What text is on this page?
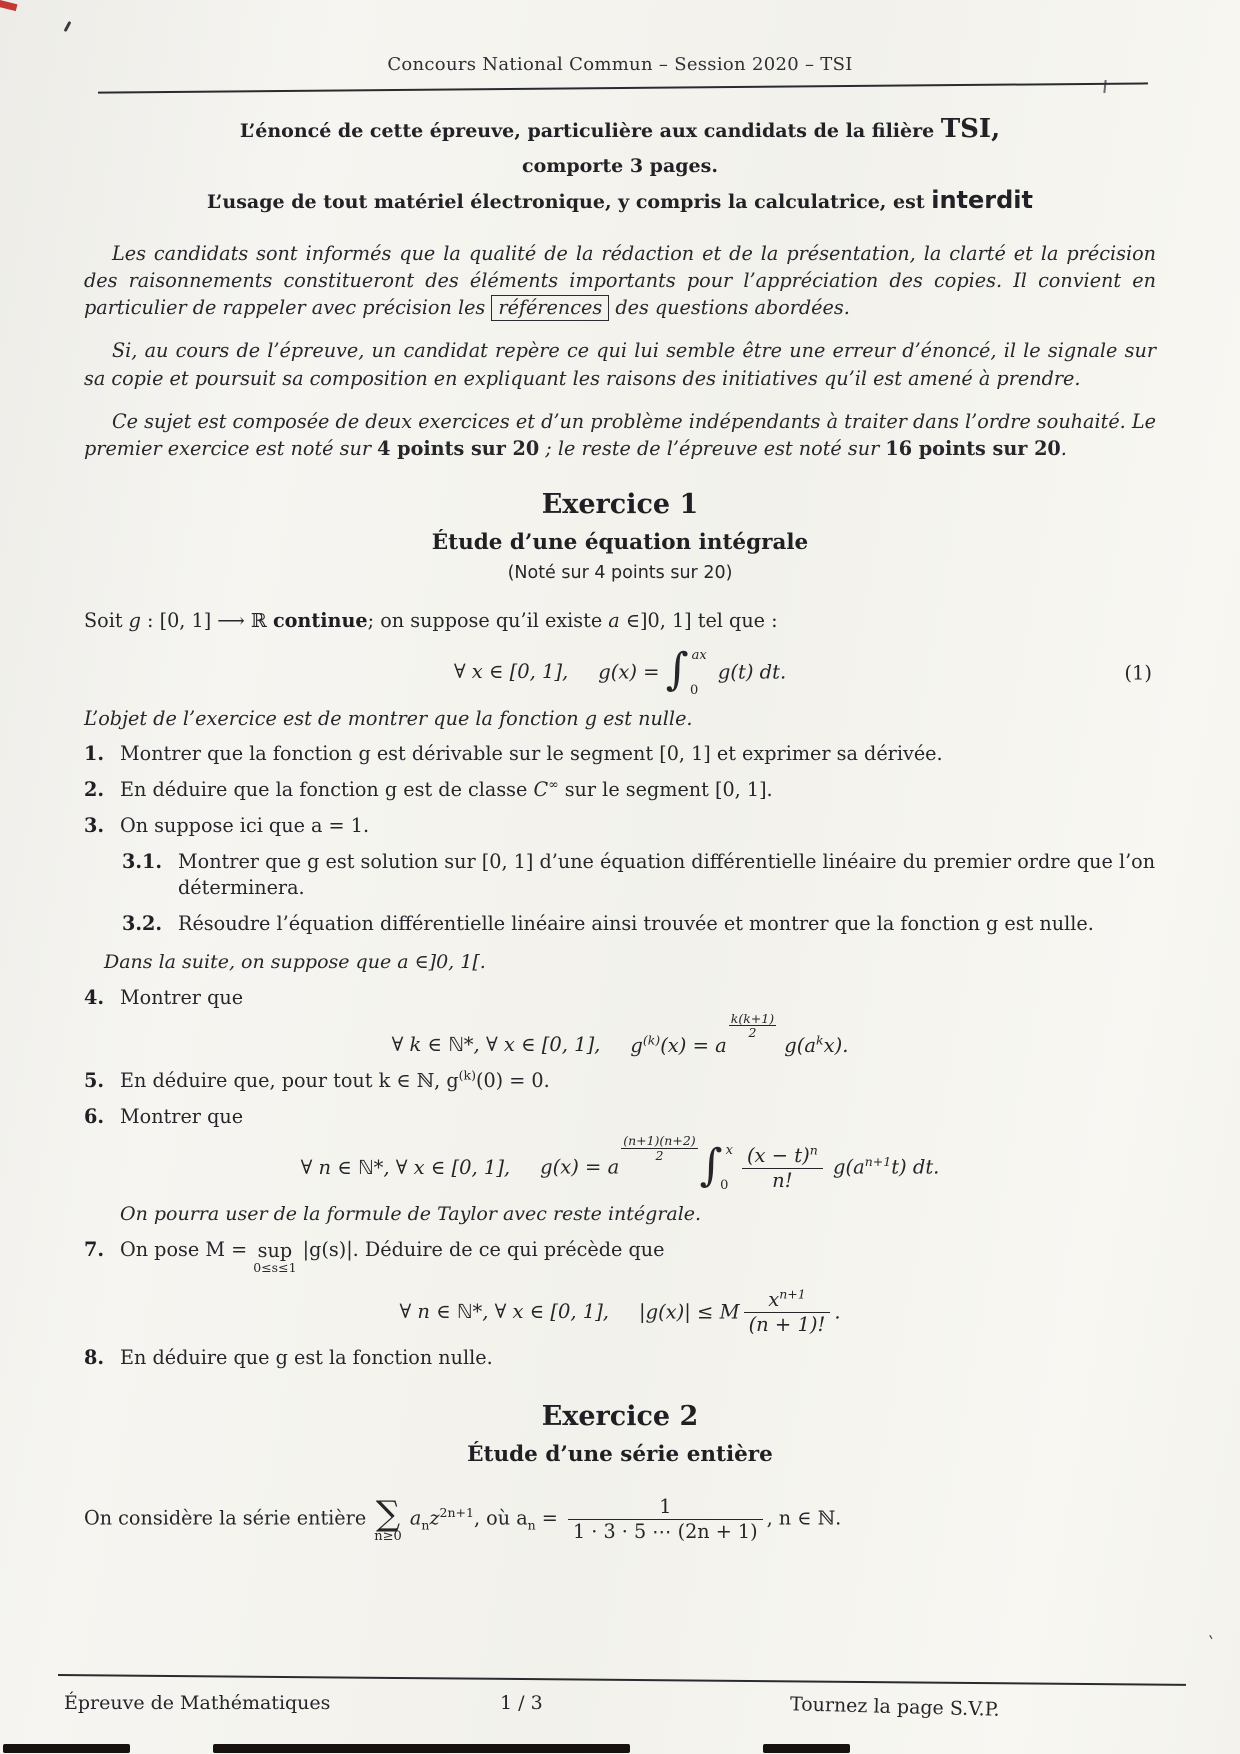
`
Concours National Commun – Session 2020 – TSI
L’énoncé de cette épreuve, particulière aux candidats de la filière TSI,
comporte 3 pages.
L’usage de tout matériel électronique, y compris la calculatrice, est interdit

Les candidats sont informés que la qualité de la rédaction et de la présentation, la clarté et la précision des raisonnements constitueront des éléments importants pour l’appréciation des copies. Il convient en particulier de rappeler avec précision les références des questions abordées.

Si, au cours de l’épreuve, un candidat repère ce qui lui semble être une erreur d’énoncé, il le signale sur sa copie et poursuit sa composition en expliquant les raisons des initiatives qu’il est amené à prendre.

Ce sujet est composée de deux exercices et d’un problème indépendants à traiter dans l’ordre souhaité. Le premier exercice est noté sur 4 points sur 20 ; le reste de l’épreuve est noté sur 16 points sur 20.

Exercice 1
Étude d’une équation intégrale
(Noté sur 4 points sur 20)

Soit g : [0, 1] ⟶ ℝ continue; on suppose qu’il existe a ∈]0, 1] tel que :

∀ x ∈ [0, 1], g(x) = ∫ ax
0
g(t) dt.	(1)

L’objet de l’exercice est de montrer que la fonction g est nulle.

1. Montrer que la fonction g est dérivable sur le segment [0, 1] et exprimer sa dérivée.
2. En déduire que la fonction g est de classe C∞ sur le segment [0, 1].
3. On suppose ici que a = 1.
3.1. Montrer que g est solution sur [0, 1] d’une équation différentielle linéaire du premier ordre que l’on déterminera.
3.2. Résoudre l’équation différentielle linéaire ainsi trouvée et montrer que la fonction g est nulle.
Dans la suite, on suppose que a ∈]0, 1[.
4. Montrer que
∀ k ∈ ℕ*, ∀ x ∈ [0, 1], $g^{(k)}(x) = a$
$\frac{k(k+1)}{2}$
$g(a^kx)$.
5. En déduire que, pour tout k ∈ ℕ, $g^{(k)}(0) = 0$.
6. Montrer que
∀ n ∈ ℕ*, ∀ x ∈ [0, 1], g(x) = a
$\frac{(n+1)(n+2)}{2}$ ∫ x
$0 \frac{(x - t)^n}{n!} g(a^{n+1}t)$ dt.
On pourra user de la formule de Taylor avec reste intégrale.
7. On pose M = sup
0≤s≤1
|g(s)|. Déduire de ce qui précède que
∀ n ∈ ℕ*, ∀ x ∈ [0, 1], |g(x)| ≤ M $\frac{x^{n+1}}{(n + 1)!}$ .
8. En déduire que g est la fonction nulle.
Exercice 2
Étude d’une série entière

On considère la série entière ∑
n≥0
$a_nz^{2n+1}$, où $a_n = \frac{1}{1 \cdot 3 \cdot 5 \cdots (2n + 1)}$ , n ∈ ℕ.

Épreuve de Mathématiques	1 / 3	Tournez la page S.V.P.
